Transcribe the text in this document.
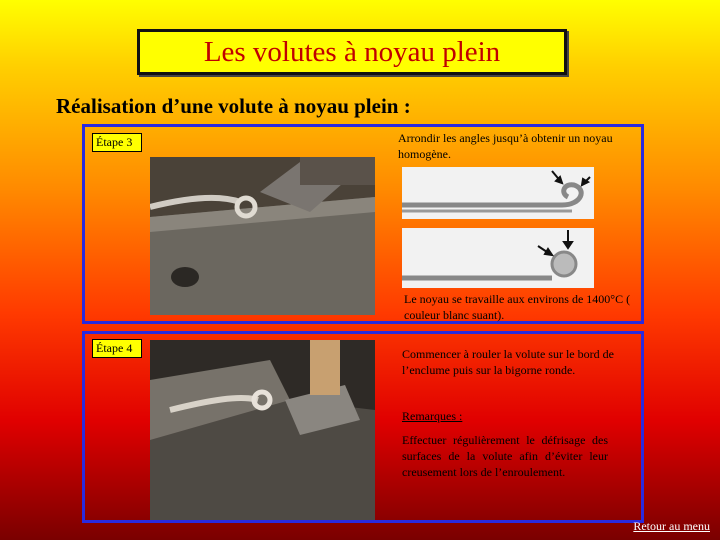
Les volutes à noyau plein
Réalisation d’une volute à noyau plein :
Étape 3	Arrondir les angles jusqu’à obtenir un noyau homogène.
Le noyau se travaille aux environs de 1400°C ( couleur blanc suant).
Étape 4	Commencer à rouler la volute sur le bord de l’enclume puis sur la bigorne ronde.
Remarques :
Effectuer régulièrement le défrisage des surfaces de la volute afin d’éviter leur creusement lors de l’enroulement.
Retour au menu
